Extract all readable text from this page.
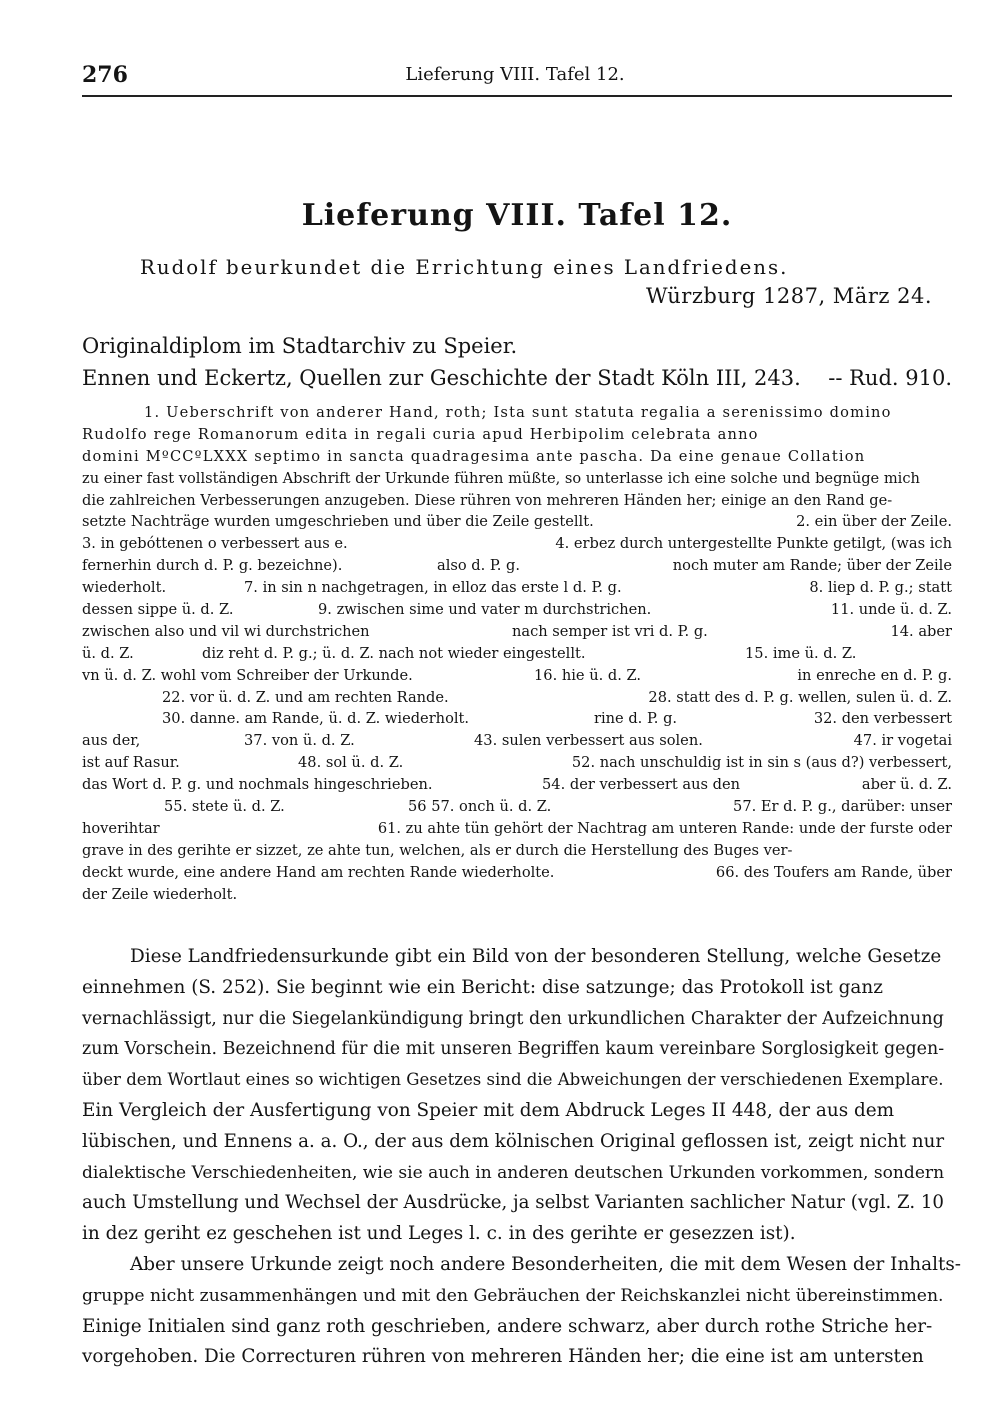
276	Lieferung VIII. Tafel 12.
Lieferung VIII. Tafel 12.
Rudolf beurkundet die Errichtung eines Landfriedens.
Würzburg 1287, März 24.
Originaldiplom im Stadtarchiv zu Speier.
Ennen und Eckertz, Quellen zur Geschichte der Stadt Köln III, 243. -- Rud. 910.
1. Ueberschrift von anderer Hand, roth; Ista sunt statuta regalia a serenissimo domino
Rudolfo rege Romanorum edita in regali curia apud Herbipolim celebrata anno
domini MºCCºLXXX septimo in sancta quadragesima ante pascha. Da eine genaue Collation
zu einer fast vollständigen Abschrift der Urkunde führen müßte, so unterlasse ich eine solche und begnüge mich
die zahlreichen Verbesserungen anzugeben. Diese rühren von mehreren Händen her; einige an den Rand ge-
setzte Nachträge wurden umgeschrieben und über die Zeile gestellt.	2. ein über der Zeile.
3. in gebóttenen o verbessert aus e.	4. erbez durch untergestellte Punkte getilgt, (was ich
fernerhin durch d. P. g. bezeichne).	also d. P. g.	noch muter am Rande; über der Zeile
wiederholt.	7. in sin n nachgetragen, in elloz das erste l d. P. g.	8. liep d. P. g.; statt
dessen sippe ü. d. Z.	9. zwischen sime und vater m durchstrichen.	11. unde ü. d. Z.
zwischen also und vil wi durchstrichen	nach semper ist vri d. P. g.	14. aber
ü. d. Z.	diz reht d. P. g.; ü. d. Z. nach not wieder eingestellt.	15. ime ü. d. Z.
vn ü. d. Z. wohl vom Schreiber der Urkunde.	16. hie ü. d. Z.	in enreche en d. P. g.
22. vor ü. d. Z. und am rechten Rande.	28. statt des d. P. g. wellen, sulen ü. d. Z.
30. danne. am Rande, ü. d. Z. wiederholt.	rine d. P. g.	32. den verbessert
aus der,	37. von ü. d. Z.	43. sulen verbessert aus solen.	47. ir vogetai
ist auf Rasur.	48. sol ü. d. Z.	52. nach unschuldig ist in sin s (aus d?) verbessert,
das Wort d. P. g. und nochmals hingeschrieben.	54. der verbessert aus den	aber ü. d. Z.
55. stete ü. d. Z.	56 57. onch ü. d. Z.	57. Er d. P. g., darüber: unser
hoverihtar	61. zu ahte tün gehört der Nachtrag am unteren Rande: unde der furste oder
grave in des gerihte er sizzet, ze ahte tun, welchen, als er durch die Herstellung des Buges ver-
deckt wurde, eine andere Hand am rechten Rande wiederholte.	66. des Toufers am Rande, über
der Zeile wiederholt.
Diese Landfriedensurkunde gibt ein Bild von der besonderen Stellung, welche Gesetze
einnehmen (S. 252). Sie beginnt wie ein Bericht: dise satzunge; das Protokoll ist ganz
vernachlässigt, nur die Siegelankündigung bringt den urkundlichen Charakter der Aufzeichnung
zum Vorschein. Bezeichnend für die mit unseren Begriffen kaum vereinbare Sorglosigkeit gegen-
über dem Wortlaut eines so wichtigen Gesetzes sind die Abweichungen der verschiedenen Exemplare.
Ein Vergleich der Ausfertigung von Speier mit dem Abdruck Leges II 448, der aus dem
lübischen, und Ennens a. a. O., der aus dem kölnischen Original geflossen ist, zeigt nicht nur
dialektische Verschiedenheiten, wie sie auch in anderen deutschen Urkunden vorkommen, sondern
auch Umstellung und Wechsel der Ausdrücke, ja selbst Varianten sachlicher Natur (vgl. Z. 10
in dez geriht ez geschehen ist und Leges l. c. in des gerihte er gesezzen ist).
Aber unsere Urkunde zeigt noch andere Besonderheiten, die mit dem Wesen der Inhalts-
gruppe nicht zusammenhängen und mit den Gebräuchen der Reichskanzlei nicht übereinstimmen.
Einige Initialen sind ganz roth geschrieben, andere schwarz, aber durch rothe Striche her-
vorgehoben. Die Correcturen rühren von mehreren Händen her; die eine ist am untersten
